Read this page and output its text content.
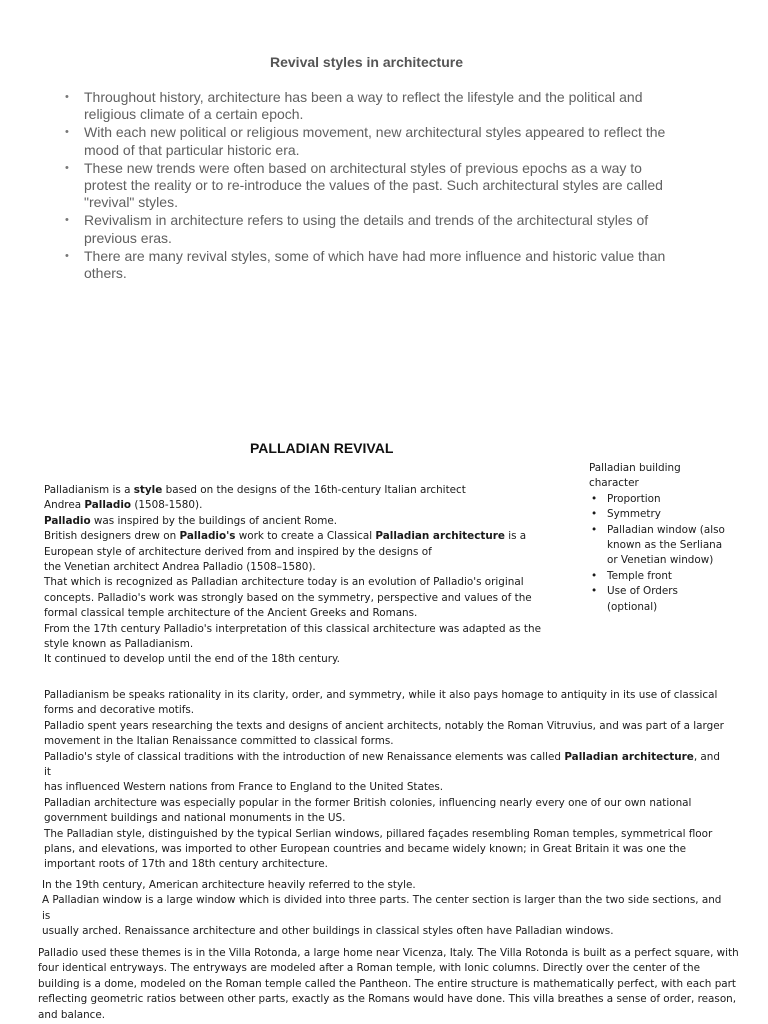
Revival styles in architecture
• Throughout history, architecture has been a way to reflect the lifestyle and the political and religious climate of a certain epoch.
• With each new political or religious movement, new architectural styles appeared to reflect the mood of that particular historic era.
• These new trends were often based on architectural styles of previous epochs as a way to protest the reality or to re-introduce the values of the past. Such architectural styles are called "revival" styles.
• Revivalism in architecture refers to using the details and trends of the architectural styles of previous eras.
• There are many revival styles, some of which have had more influence and historic value than others.
PALLADIAN REVIVAL

Palladianism is a style based on the designs of the 16th-century Italian architect

Andrea Palladio (1508-1580).

Palladio was inspired by the buildings of ancient Rome.

British designers drew on Palladio's work to create a Classical Palladian architecture is a

European style of architecture derived from and inspired by the designs of

the Venetian architect Andrea Palladio (1508–1580).

That which is recognized as Palladian architecture today is an evolution of Palladio's original

concepts. Palladio's work was strongly based on the symmetry, perspective and values of the

formal classical temple architecture of the Ancient Greeks and Romans.

From the 17th century Palladio's interpretation of this classical architecture was adapted as the

style known as Palladianism.

It continued to develop until the end of the 18th century.

Palladian building

character

• Proportion
• Symmetry
• Palladian window (also known as the Serliana or Venetian window)
• Temple front
• Use of Orders (optional)

Palladianism be speaks rationality in its clarity, order, and symmetry, while it also pays homage to antiquity in its use of classical

forms and decorative motifs.

Palladio spent years researching the texts and designs of ancient architects, notably the Roman Vitruvius, and was part of a larger

movement in the Italian Renaissance committed to classical forms.

Palladio's style of classical traditions with the introduction of new Renaissance elements was called Palladian architecture, and it

has influenced Western nations from France to England to the United States.

Palladian architecture was especially popular in the former British colonies, influencing nearly every one of our own national

government buildings and national monuments in the US.

The Palladian style, distinguished by the typical Serlian windows, pillared façades resembling Roman temples, symmetrical floor

plans, and elevations, was imported to other European countries and became widely known; in Great Britain it was one the

important roots of 17th and 18th century architecture.

In the 19th century, American architecture heavily referred to the style.

A Palladian window is a large window which is divided into three parts. The center section is larger than the two side sections, and is

usually arched. Renaissance architecture and other buildings in classical styles often have Palladian windows.

Palladio used these themes is in the Villa Rotonda, a large home near Vicenza, Italy. The Villa Rotonda is built as a perfect square, with

four identical entryways. The entryways are modeled after a Roman temple, with Ionic columns. Directly over the center of the

building is a dome, modeled on the Roman temple called the Pantheon. The entire structure is mathematically perfect, with each part

reflecting geometric ratios between other parts, exactly as the Romans would have done. This villa breathes a sense of order, reason,

and balance.
